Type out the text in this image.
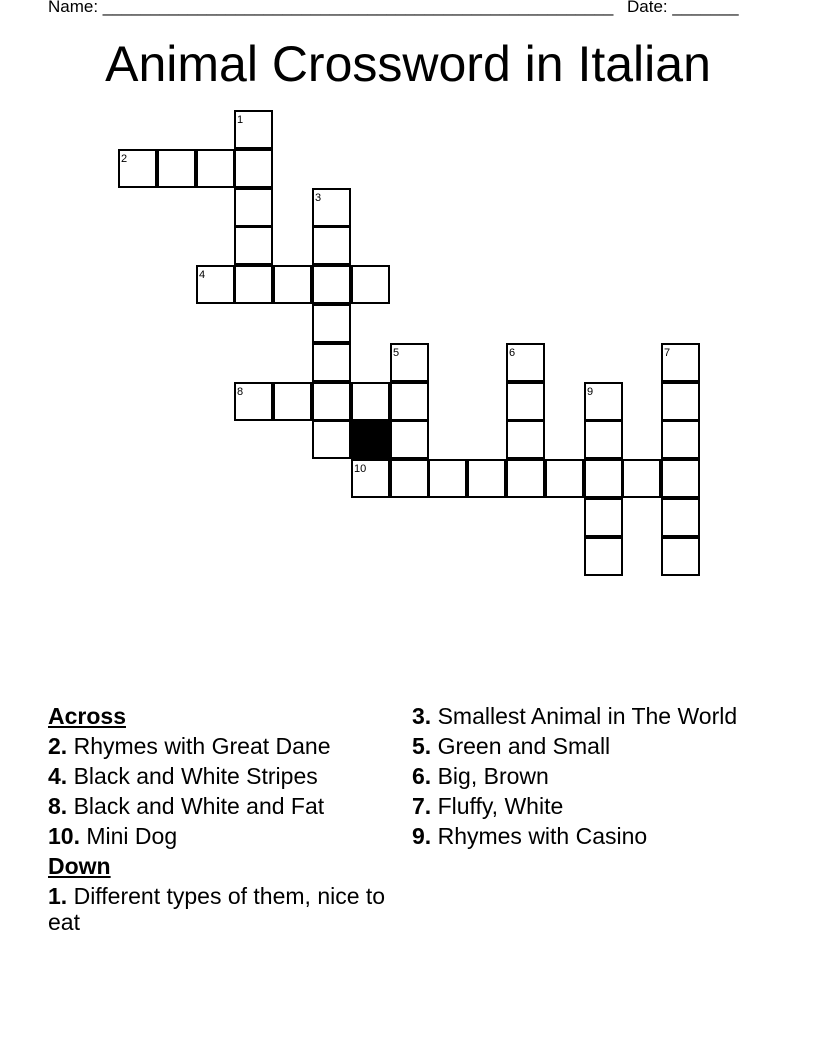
Name: ______________________________________________________ Date: _______
Animal Crossword in Italian
1
2
3
4
5	6	7
8	9
10
Across
2. Rhymes with Great Dane
4. Black and White Stripes
8. Black and White and Fat
10. Mini Dog
Down
1. Different types of them, nice to eat
3. Smallest Animal in The World
5. Green and Small
6. Big, Brown
7. Fluffy, White
9. Rhymes with Casino
